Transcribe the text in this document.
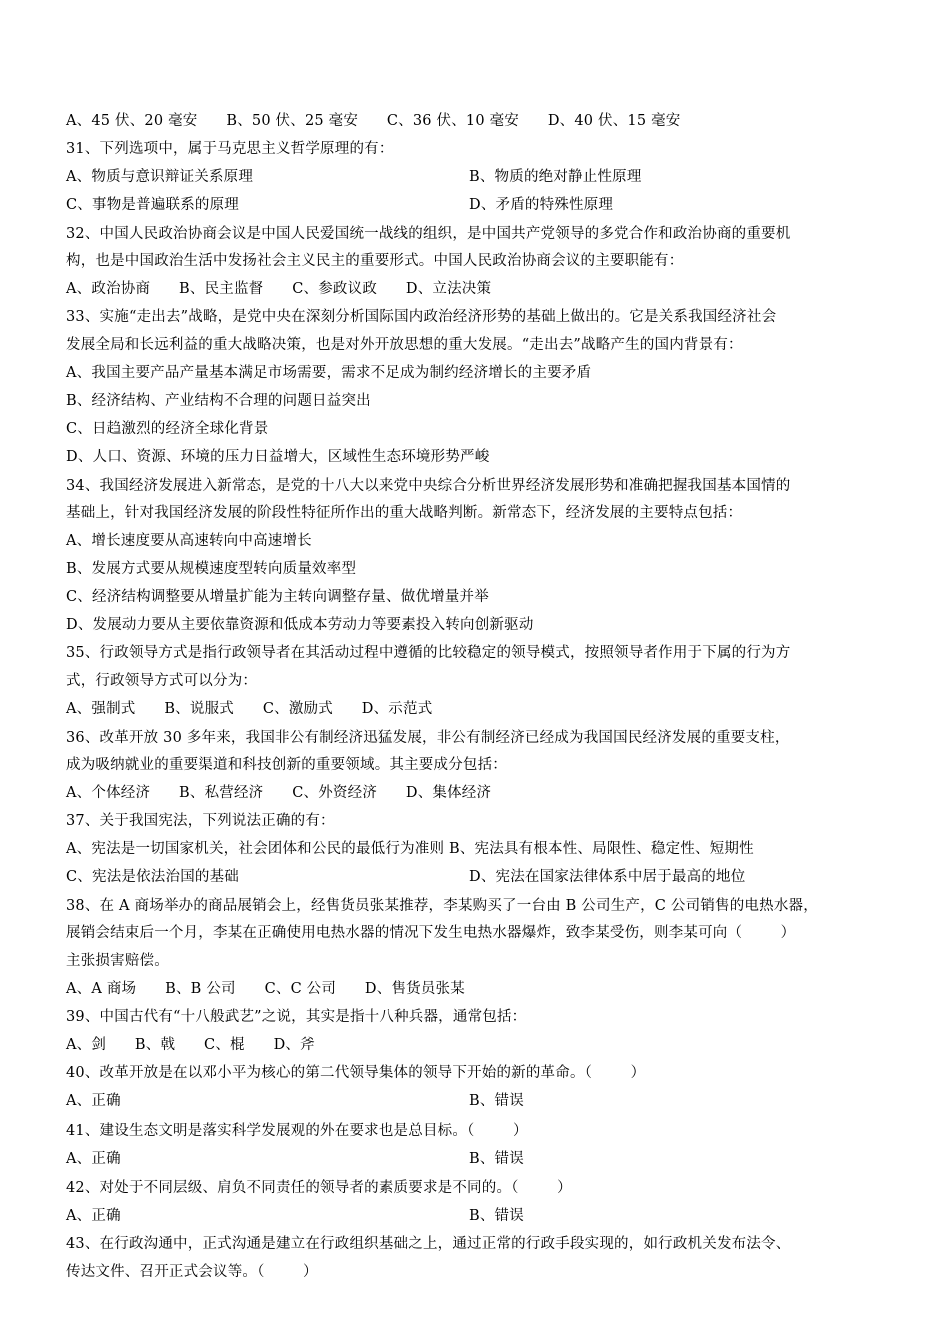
A、45 伏、20 毫安      B、50 伏、25 毫安      C、36 伏、10 毫安      D、40 伏、15 毫安
31、下列选项中，属于马克思主义哲学原理的有：
A、物质与意识辩证关系原理	B、物质的绝对静止性原理
C、事物是普遍联系的原理	D、矛盾的特殊性原理
32、中国人民政治协商会议是中国人民爱国统一战线的组织，是中国共产党领导的多党合作和政治协商的重要机
构，也是中国政治生活中发扬社会主义民主的重要形式。中国人民政治协商会议的主要职能有：
A、政治协商      B、民主监督      C、参政议政      D、立法决策
33、实施“走出去”战略，是党中央在深刻分析国际国内政治经济形势的基础上做出的。它是关系我国经济社会
发展全局和长远利益的重大战略决策，也是对外开放思想的重大发展。“走出去”战略产生的国内背景有：
A、我国主要产品产量基本满足市场需要，需求不足成为制约经济增长的主要矛盾
B、经济结构、产业结构不合理的问题日益突出
C、日趋激烈的经济全球化背景
D、人口、资源、环境的压力日益增大，区域性生态环境形势严峻
34、我国经济发展进入新常态，是党的十八大以来党中央综合分析世界经济发展形势和准确把握我国基本国情的
基础上，针对我国经济发展的阶段性特征所作出的重大战略判断。新常态下，经济发展的主要特点包括：
A、增长速度要从高速转向中高速增长
B、发展方式要从规模速度型转向质量效率型
C、经济结构调整要从增量扩能为主转向调整存量、做优增量并举
D、发展动力要从主要依靠资源和低成本劳动力等要素投入转向创新驱动
35、行政领导方式是指行政领导者在其活动过程中遵循的比较稳定的领导模式，按照领导者作用于下属的行为方
式，行政领导方式可以分为：
A、强制式      B、说服式      C、激励式      D、示范式
36、改革开放 30 多年来，我国非公有制经济迅猛发展，非公有制经济已经成为我国国民经济发展的重要支柱，
成为吸纳就业的重要渠道和科技创新的重要领域。其主要成分包括：
A、个体经济      B、私营经济      C、外资经济      D、集体经济
37、关于我国宪法，下列说法正确的有：
A、宪法是一切国家机关，社会团体和公民的最低行为准则 B、宪法具有根本性、局限性、稳定性、短期性
C、宪法是依法治国的基础	D、宪法在国家法律体系中居于最高的地位
38、在 A 商场举办的商品展销会上，经售货员张某推荐，李某购买了一台由 B 公司生产，C 公司销售的电热水器，
展销会结束后一个月，李某在正确使用电热水器的情况下发生电热水器爆炸，致李某受伤，则李某可向（        ）
主张损害赔偿。
A、A 商场      B、B 公司      C、C 公司      D、售货员张某
39、中国古代有“十八般武艺”之说，其实是指十八种兵器，通常包括：
A、剑      B、戟      C、棍      D、斧
40、改革开放是在以邓小平为核心的第二代领导集体的领导下开始的新的革命。（        ）
A、正确	B、错误
41、建设生态文明是落实科学发展观的外在要求也是总目标。（        ）
A、正确	B、错误
42、对处于不同层级、肩负不同责任的领导者的素质要求是不同的。（        ）
A、正确	B、错误
43、在行政沟通中，正式沟通是建立在行政组织基础之上，通过正常的行政手段实现的，如行政机关发布法令、
传达文件、召开正式会议等。（        ）
